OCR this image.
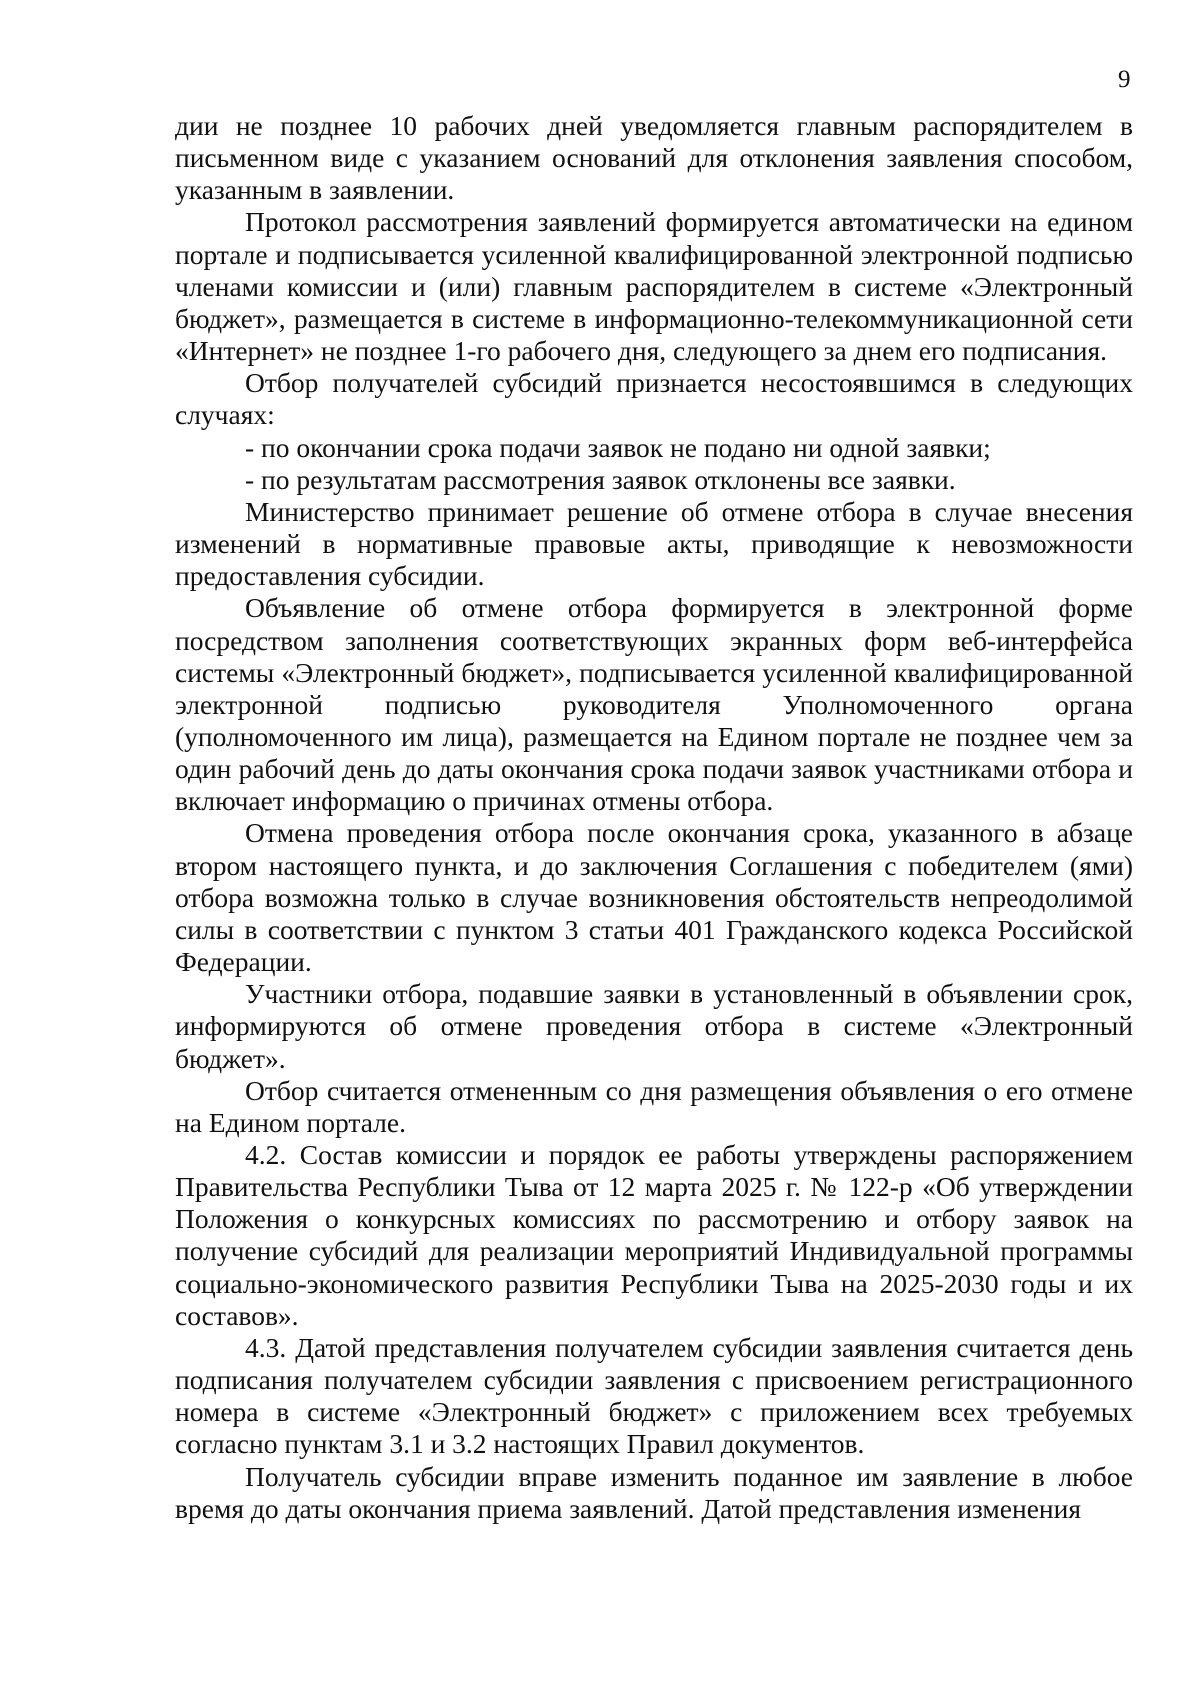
9

дии не позднее 10 рабочих дней уведомляется главным распорядителем в письменном виде с указанием оснований для отклонения заявления способом, указанным в заявлении.

Протокол рассмотрения заявлений формируется автоматически на едином портале и подписывается усиленной квалифицированной электронной подписью членами комиссии и (или) главным распорядителем в системе «Электронный бюджет», размещается в системе в информационно-телекоммуникационной сети «Интернет» не позднее 1-го рабочего дня, следующего за днем его подписания.

Отбор получателей субсидий признается несостоявшимся в следующих случаях:

- по окончании срока подачи заявок не подано ни одной заявки;

- по результатам рассмотрения заявок отклонены все заявки.

Министерство принимает решение об отмене отбора в случае внесения изменений в нормативные правовые акты, приводящие к невозможности предоставления субсидии.

Объявление об отмене отбора формируется в электронной форме посредством заполнения соответствующих экранных форм веб-интерфейса системы «Электронный бюджет», подписывается усиленной квалифицированной электронной подписью руководителя Уполномоченного органа (уполномоченного им лица), размещается на Едином портале не позднее чем за один рабочий день до даты окончания срока подачи заявок участниками отбора и включает информацию о причинах отмены отбора.

Отмена проведения отбора после окончания срока, указанного в абзаце втором настоящего пункта, и до заключения Соглашения с победителем (ями) отбора возможна только в случае возникновения обстоятельств непреодолимой силы в соответствии с пунктом 3 статьи 401 Гражданского кодекса Российской Федерации.

Участники отбора, подавшие заявки в установленный в объявлении срок, информируются об отмене проведения отбора в системе «Электронный бюджет».

Отбор считается отмененным со дня размещения объявления о его отмене на Едином портале.

4.2. Состав комиссии и порядок ее работы утверждены распоряжением Правительства Республики Тыва от 12 марта 2025 г. № 122-р «Об утверждении Положения о конкурсных комиссиях по рассмотрению и отбору заявок на получение субсидий для реализации мероприятий Индивидуальной программы социально-экономического развития Республики Тыва на 2025-2030 годы и их составов».

4.3. Датой представления получателем субсидии заявления считается день подписания получателем субсидии заявления с присвоением регистрационного номера в системе «Электронный бюджет» с приложением всех требуемых согласно пунктам 3.1 и 3.2 настоящих Правил документов.

Получатель субсидии вправе изменить поданное им заявление в любое время до даты окончания приема заявлений. Датой представления изменения
